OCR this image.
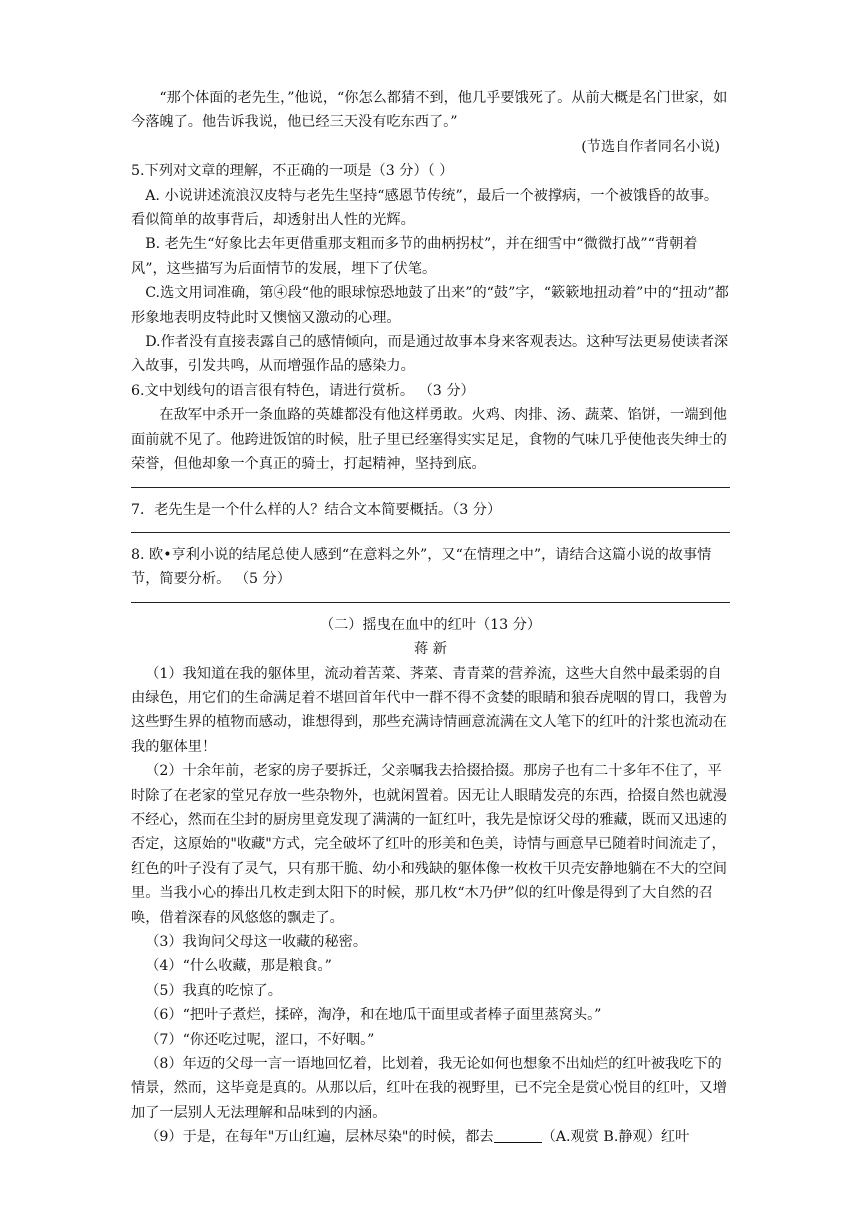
“那个体面的老先生，”他说，“你怎么都猜不到，他几乎要饿死了。从前大概是名门世家，如今落魄了。他告诉我说，他已经三天没有吃东西了。”

(节选自作者同名小说)

5.下列对文章的理解，不正确的一项是（3 分）（ ）

A. 小说讲述流浪汉皮特与老先生坚持“感恩节传统”，最后一个被撑病，一个被饿昏的故事。看似简单的故事背后，却透射出人性的光辉。

B. 老先生“好象比去年更借重那支粗而多节的曲柄拐杖”，并在细雪中“微微打战”“背朝着风”，这些描写为后面情节的发展，埋下了伏笔。

C.选文用词准确，第④段“他的眼球惊恐地鼓了出来”的“鼓”字，“簌簌地扭动着”中的“扭动”都形象地表明皮特此时又懊恼又激动的心理。

D.作者没有直接表露自己的感情倾向，而是通过故事本身来客观表达。这种写法更易使读者深入故事，引发共鸣，从而增强作品的感染力。

6.文中划线句的语言很有特色，请进行赏析。 （3 分）

在敌军中杀开一条血路的英雄都没有他这样勇敢。火鸡、肉排、汤、蔬菜、馅饼，一端到他面前就不见了。他跨进饭馆的时候，肚子里已经塞得实实足足，食物的气味几乎使他丧失绅士的荣誉，但他却象一个真正的骑士，打起精神，坚持到底。

7．老先生是一个什么样的人？结合文本简要概括。（3 分）

8. 欧•亨利小说的结尾总使人感到“在意料之外”，又“在情理之中”，请结合这篇小说的故事情节，简要分析。 （5 分）

（二）摇曳在血中的红叶（13 分）

蒋 新

（1）我知道在我的躯体里，流动着苦菜、荠菜、青青菜的营养流，这些大自然中最柔弱的自由绿色，用它们的生命满足着不堪回首年代中一群不得不贪婪的眼睛和狼吞虎咽的胃口，我曾为这些野生界的植物而感动，谁想得到，那些充满诗情画意流满在文人笔下的红叶的汁浆也流动在我的躯体里！

（2）十余年前，老家的房子要拆迁，父亲嘱我去拾掇拾掇。那房子也有二十多年不住了，平时除了在老家的堂兄存放一些杂物外，也就闲置着。因无让人眼睛发亮的东西，拾掇自然也就漫不经心，然而在尘封的厨房里竟发现了满满的一缸红叶，我先是惊讶父母的雅藏，既而又迅速的否定，这原始的"收藏"方式，完全破坏了红叶的形美和色美，诗情与画意早已随着时间流走了，红色的叶子没有了灵气，只有那干脆、幼小和残缺的躯体像一枚枚干贝壳安静地躺在不大的空间里。当我小心的捧出几枚走到太阳下的时候，那几枚“木乃伊”似的红叶像是得到了大自然的召唤，借着深春的风悠悠的飘走了。

（3）我询问父母这一收藏的秘密。

（4）“什么收藏，那是粮食。”

（5）我真的吃惊了。

（6）“把叶子煮烂，揉碎，淘净，和在地瓜干面里或者棒子面里蒸窝头。”

（7）“你还吃过呢，涩口，不好咽。”

（8）年迈的父母一言一语地回忆着，比划着，我无论如何也想象不出灿烂的红叶被我吃下的情景，然而，这毕竟是真的。从那以后，红叶在我的视野里，已不完全是赏心悦目的红叶，又增加了一层别人无法理解和品味到的内涵。

（9）于是，在每年"万山红遍，层林尽染"的时候，都去	（A.观赏 B.静观）红叶
